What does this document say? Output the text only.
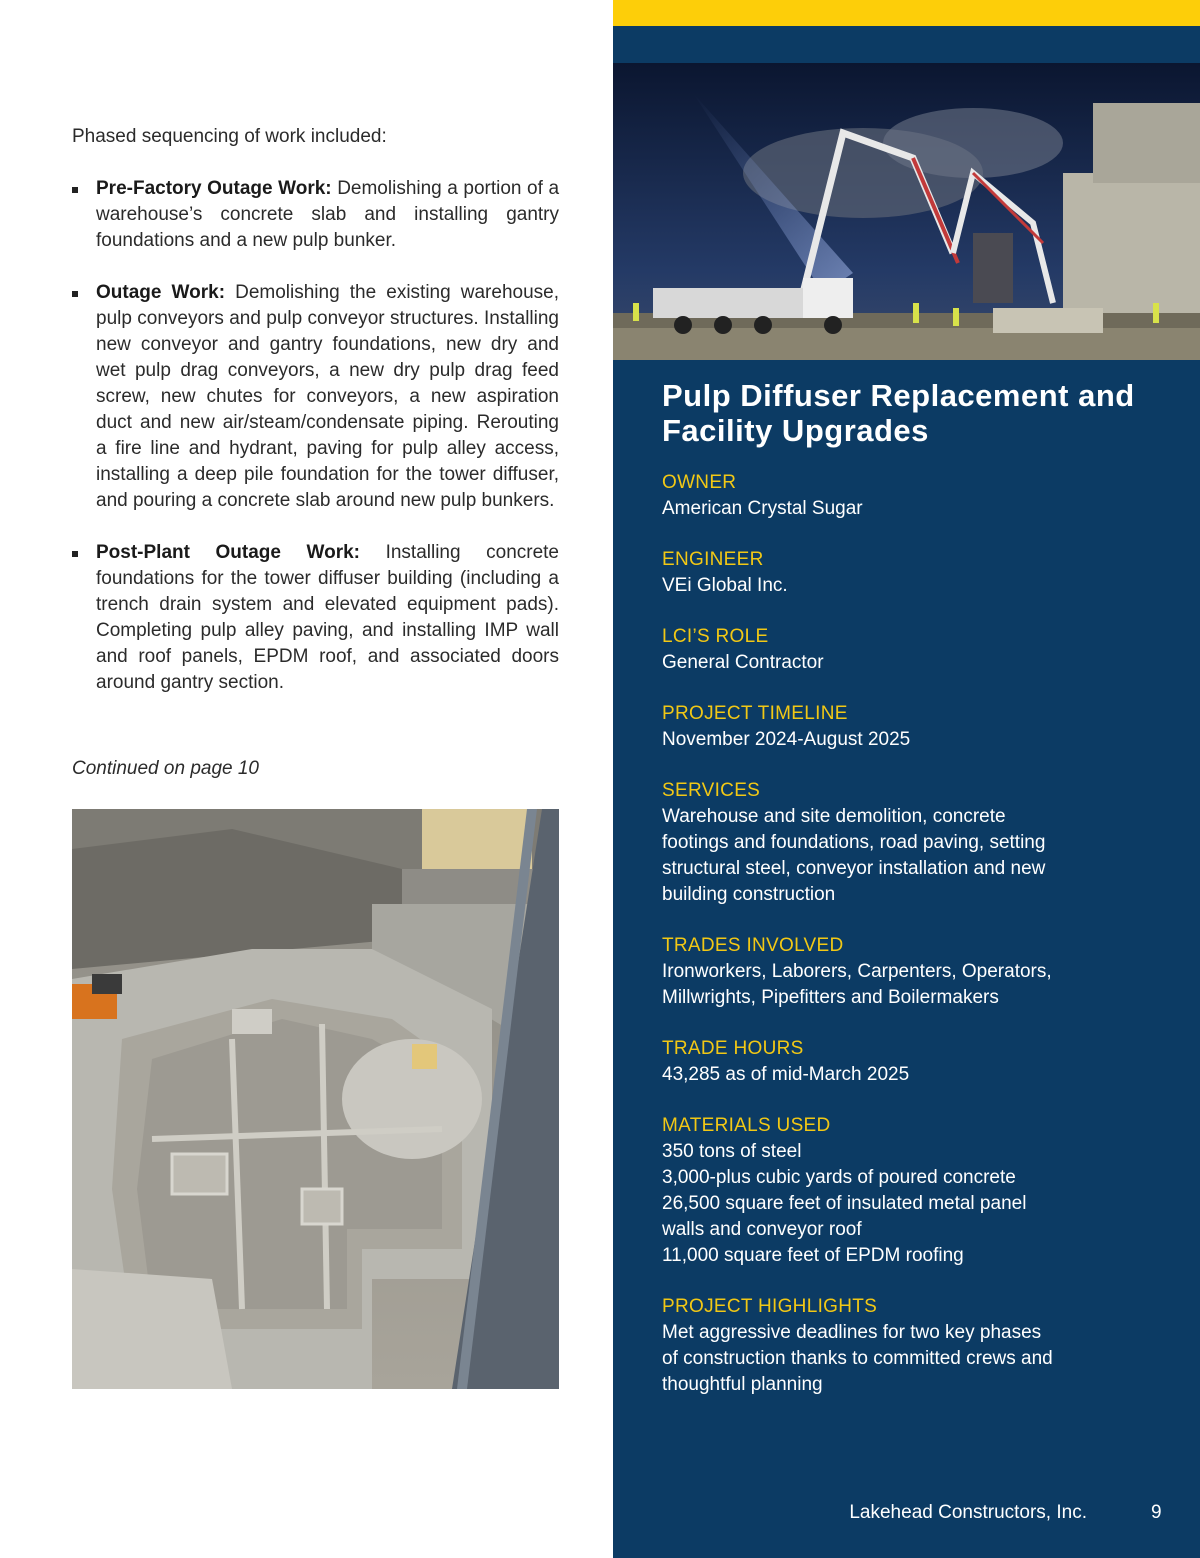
Phased sequencing of work included:

Pre-Factory Outage Work: Demolishing a portion of a warehouse’s concrete slab and installing gantry foundations and a new pulp bunker.
Outage Work: Demolishing the existing warehouse, pulp conveyors and pulp conveyor structures. Installing new conveyor and gantry foundations, new dry and wet pulp drag conveyors, a new dry pulp drag feed screw, new chutes for conveyors, a new aspiration duct and new air/steam/condensate piping. Rerouting a fire line and hydrant, paving for pulp alley access, installing a deep pile foundation for the tower diffuser, and pouring a concrete slab around new pulp bunkers.
Post-Plant Outage Work: Installing concrete foundations for the tower diffuser building (including a trench drain system and elevated equipment pads). Completing pulp alley paving, and installing IMP wall and roof panels, EPDM roof, and associated doors around gantry section.

Continued on page 10

Pulp Diffuser Replacement and Facility Upgrades
OWNER
American Crystal Sugar
ENGINEER
VEi Global Inc.
LCI’S ROLE
General Contractor
PROJECT TIMELINE
November 2024-August 2025
SERVICES
Warehouse and site demolition, concrete
footings and foundations, road paving, setting
structural steel, conveyor installation and new
building construction
TRADES INVOLVED
Ironworkers, Laborers, Carpenters, Operators,
Millwrights, Pipefitters and Boilermakers
TRADE HOURS
43,285 as of mid-March 2025
MATERIALS USED
350 tons of steel
3,000-plus cubic yards of poured concrete
26,500 square feet of insulated metal panel
walls and conveyor roof
11,000 square feet of EPDM roofing
PROJECT HIGHLIGHTS
Met aggressive deadlines for two key phases
of construction thanks to committed crews and
thoughtful planning
Lakehead Constructors, Inc.	9
